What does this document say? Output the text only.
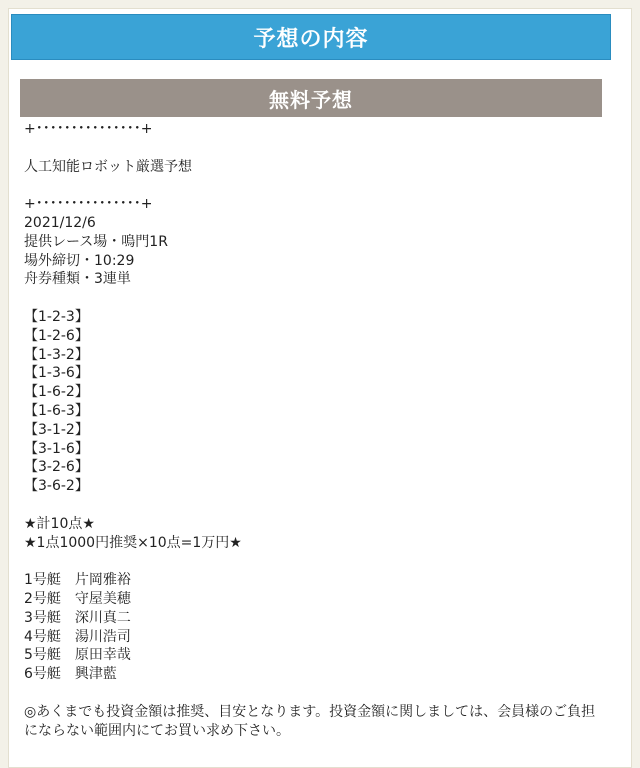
予想の内容
無料予想
+･･･････････････+
人工知能ロボット厳選予想
+･･･････････････+
2021/12/6
提供レース場・鳴門1R
場外締切・10:29
舟券種類・3連単
【1-2-3】
【1-2-6】
【1-3-2】
【1-3-6】
【1-6-2】
【1-6-3】
【3-1-2】
【3-1-6】
【3-2-6】
【3-6-2】
★計10点★
★1点1000円推奨×10点=1万円★
1号艇　片岡雅裕
2号艇　守屋美穂
3号艇　深川真二
4号艇　湯川浩司
5号艇　原田幸哉
6号艇　興津藍
◎あくまでも投資金額は推奨、目安となります。投資金額に関しましては、会員様のご負担にならない範囲内にてお買い求め下さい。
